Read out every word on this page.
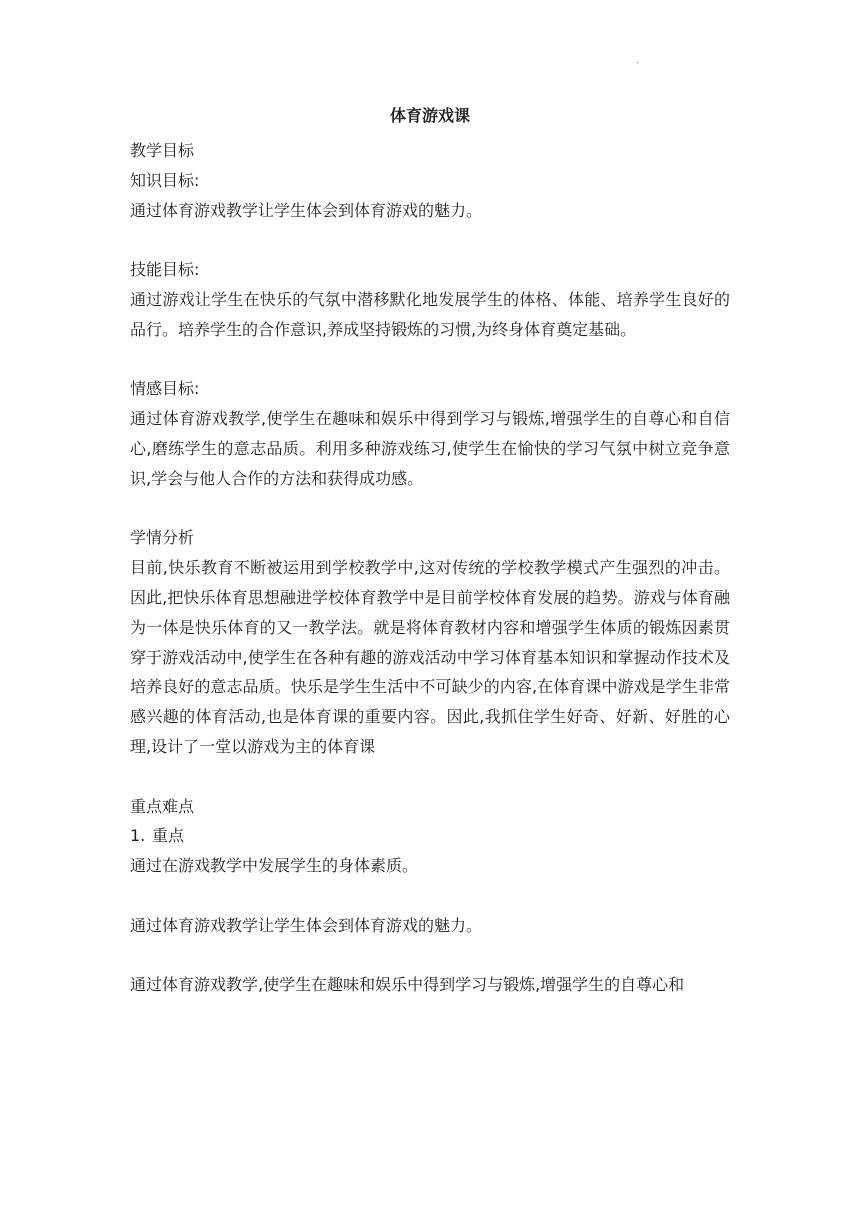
.
体育游戏课

教学目标

知识目标:

通过体育游戏教学让学生体会到体育游戏的魅力。

技能目标:

通过游戏让学生在快乐的气氛中潜移默化地发展学生的体格、体能、培养学生良好的品行。培养学生的合作意识,养成坚持锻炼的习惯,为终身体育奠定基础。

情感目标:

通过体育游戏教学,使学生在趣味和娱乐中得到学习与锻炼,增强学生的自尊心和自信心,磨练学生的意志品质。利用多种游戏练习,使学生在愉快的学习气氛中树立竞争意识,学会与他人合作的方法和获得成功感。

学情分析

目前,快乐教育不断被运用到学校教学中,这对传统的学校教学模式产生强烈的冲击。因此,把快乐体育思想融进学校体育教学中是目前学校体育发展的趋势。游戏与体育融为一体是快乐体育的又一教学法。就是将体育教材内容和增强学生体质的锻炼因素贯穿于游戏活动中,使学生在各种有趣的游戏活动中学习体育基本知识和掌握动作技术及培养良好的意志品质。快乐是学生生活中不可缺少的内容,在体育课中游戏是学生非常感兴趣的体育活动,也是体育课的重要内容。因此,我抓住学生好奇、好新、好胜的心理,设计了一堂以游戏为主的体育课

重点难点

1. 重点

通过在游戏教学中发展学生的身体素质。

通过体育游戏教学让学生体会到体育游戏的魅力。

通过体育游戏教学,使学生在趣味和娱乐中得到学习与锻炼,增强学生的自尊心和
